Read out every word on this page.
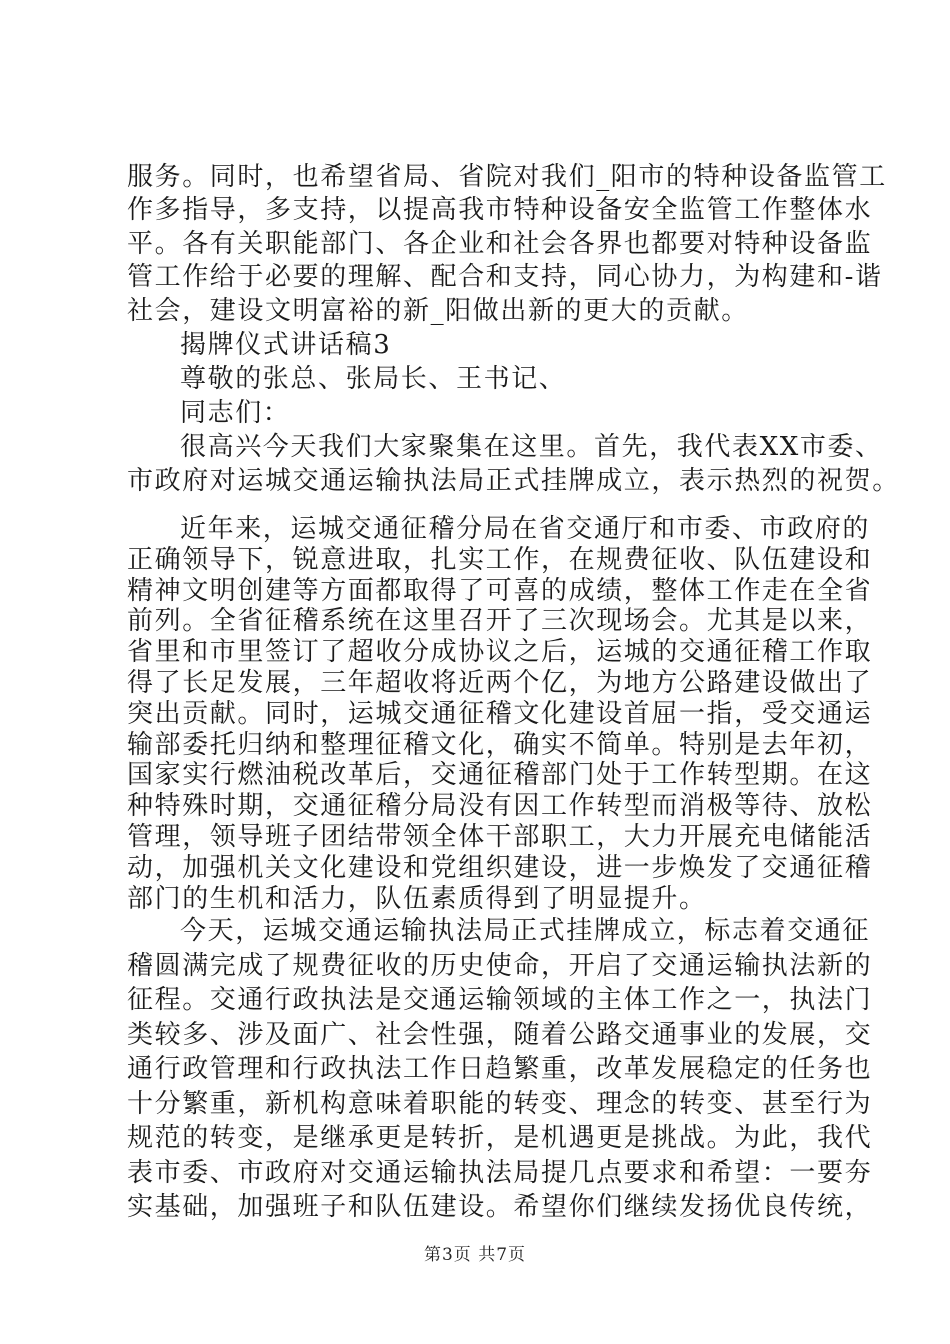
服务。同时，也希望省局、省院对我们_阳市的特种设备监管工
作多指导，多支持，以提高我市特种设备安全监管工作整体水
平。各有关职能部门、各企业和社会各界也都要对特种设备监
管工作给于必要的理解、配合和支持，同心协力，为构建和-谐
社会，建设文明富裕的新_阳做出新的更大的贡献。
揭牌仪式讲话稿3
尊敬的张总、张局长、王书记、
同志们：
很高兴今天我们大家聚集在这里。首先，我代表XX市委、
市政府对运城交通运输执法局正式挂牌成立，表示热烈的祝贺。
近年来，运城交通征稽分局在省交通厅和市委、市政府的
正确领导下，锐意进取，扎实工作，在规费征收、队伍建设和
精神文明创建等方面都取得了可喜的成绩，整体工作走在全省
前列。全省征稽系统在这里召开了三次现场会。尤其是以来，
省里和市里签订了超收分成协议之后，运城的交通征稽工作取
得了长足发展，三年超收将近两个亿，为地方公路建设做出了
突出贡献。同时，运城交通征稽文化建设首屈一指，受交通运
输部委托归纳和整理征稽文化，确实不简单。特别是去年初，
国家实行燃油税改革后，交通征稽部门处于工作转型期。在这
种特殊时期，交通征稽分局没有因工作转型而消极等待、放松
管理，领导班子团结带领全体干部职工，大力开展充电储能活
动，加强机关文化建设和党组织建设，进一步焕发了交通征稽
部门的生机和活力，队伍素质得到了明显提升。
今天，运城交通运输执法局正式挂牌成立，标志着交通征
稽圆满完成了规费征收的历史使命，开启了交通运输执法新的
征程。交通行政执法是交通运输领域的主体工作之一，执法门
类较多、涉及面广、社会性强，随着公路交通事业的发展，交
通行政管理和行政执法工作日趋繁重，改革发展稳定的任务也
十分繁重，新机构意味着职能的转变、理念的转变、甚至行为
规范的转变，是继承更是转折，是机遇更是挑战。为此，我代
表市委、市政府对交通运输执法局提几点要求和希望：一要夯
第3页 共7页
实基础，加强班子和队伍建设。希望你们继续发扬优良传统，
